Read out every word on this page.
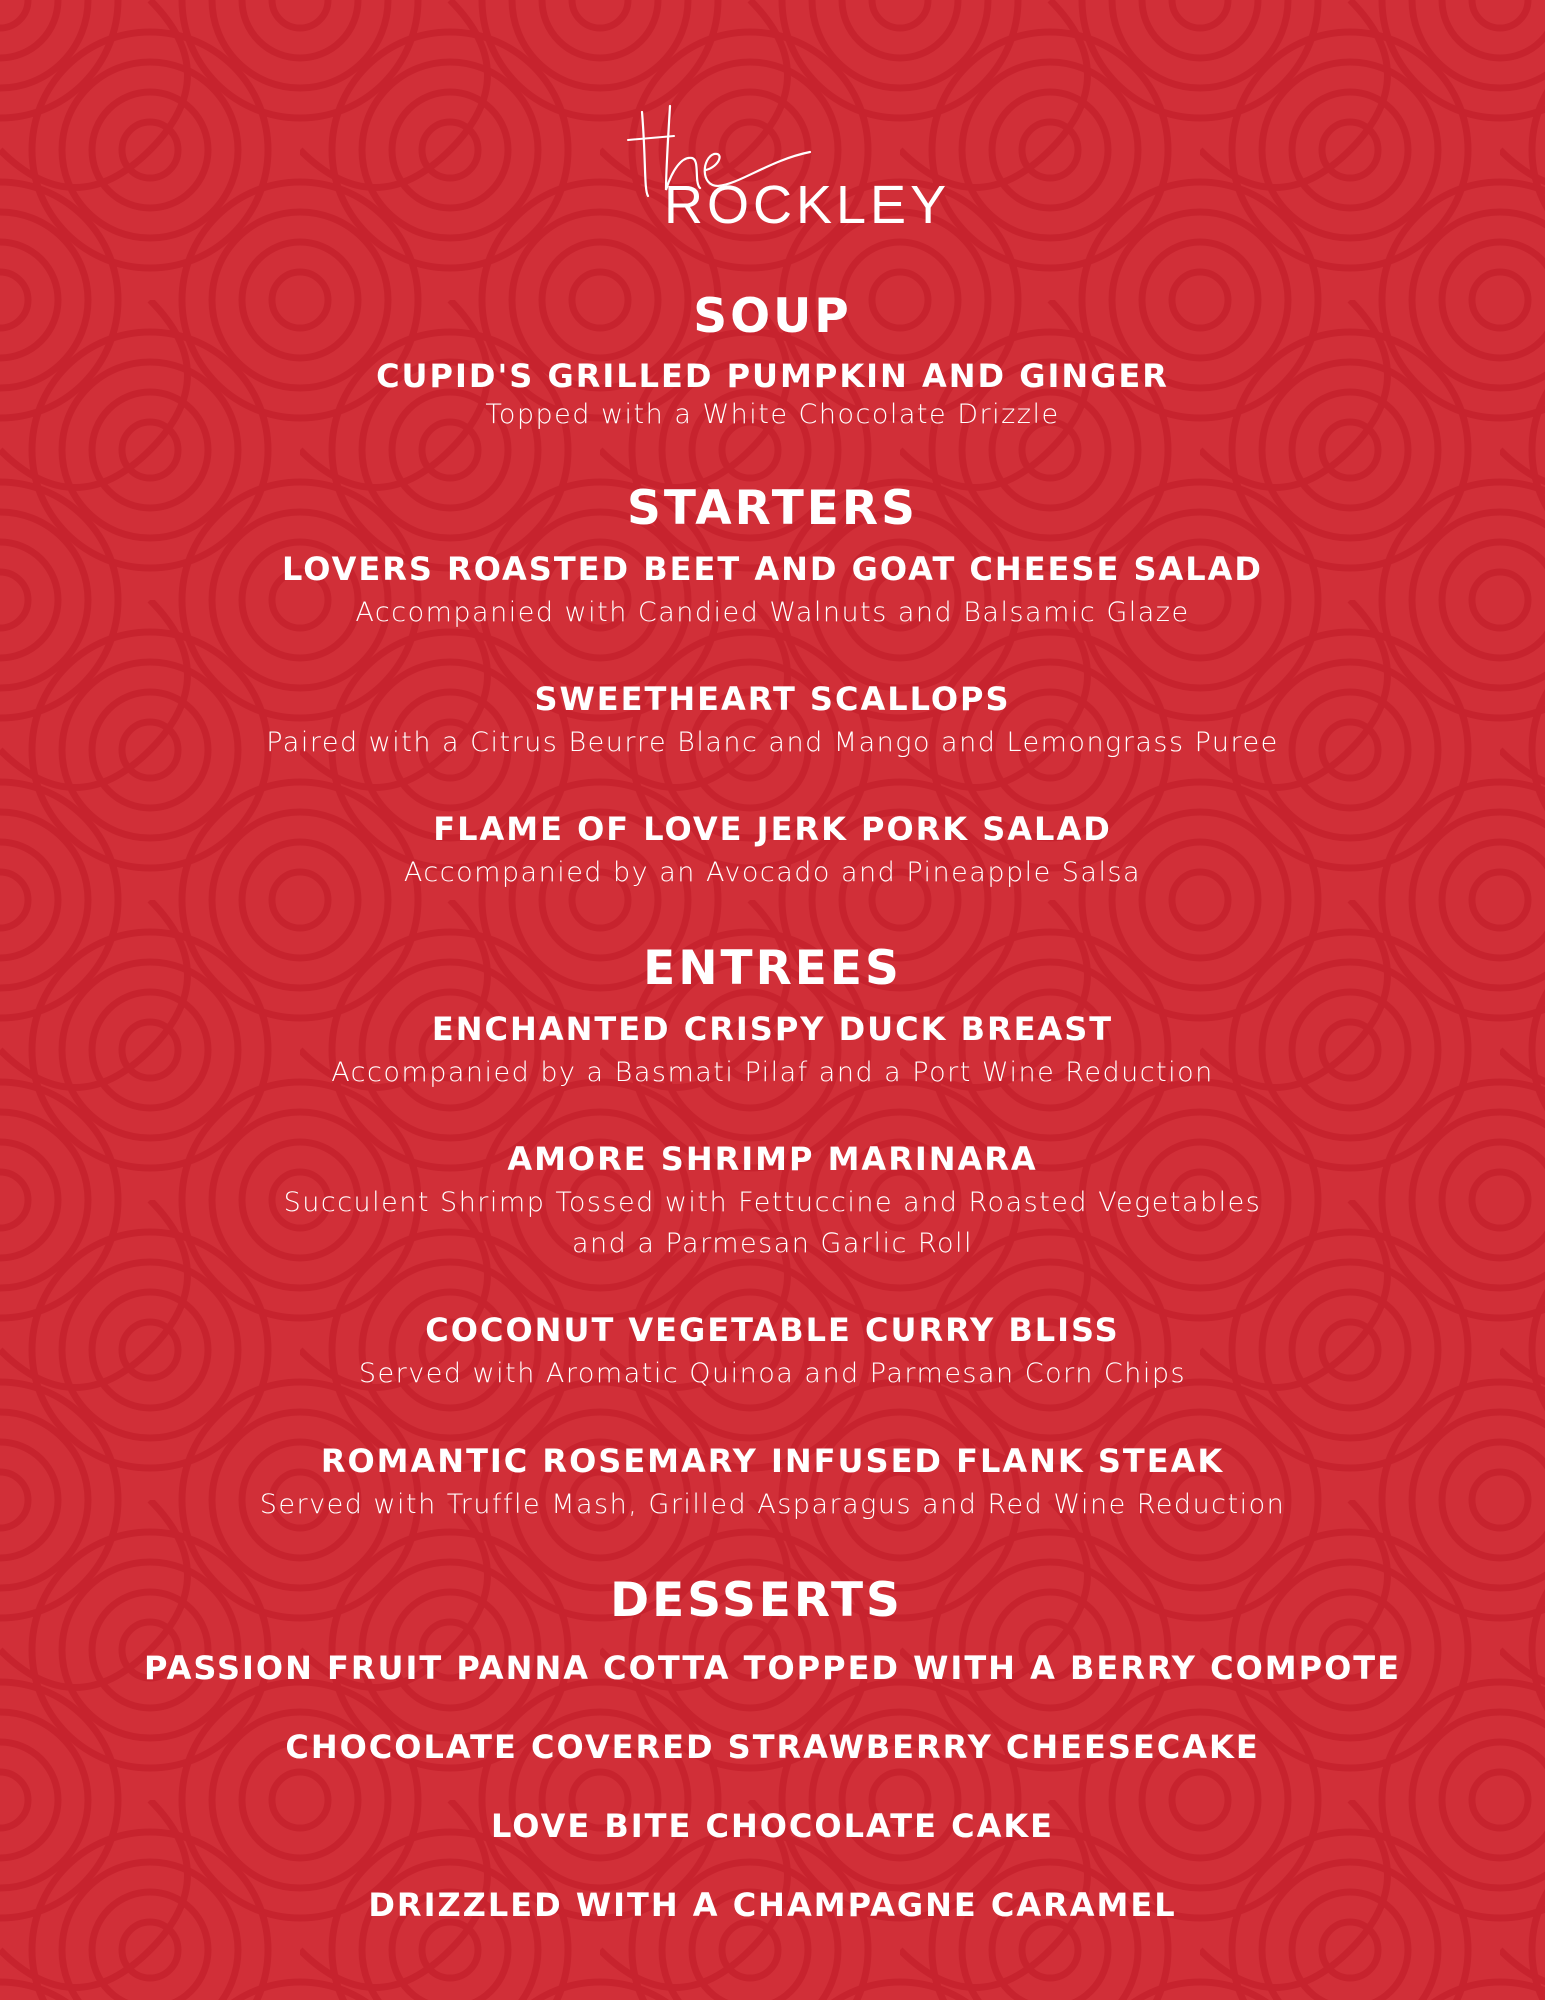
ROCKLEY
SOUP
CUPID'S GRILLED PUMPKIN AND GINGER
Topped with a White Chocolate Drizzle
STARTERS
LOVERS ROASTED BEET AND GOAT CHEESE SALAD
Accompanied with Candied Walnuts and Balsamic Glaze
SWEETHEART SCALLOPS
Paired with a Citrus Beurre Blanc and Mango and Lemongrass Puree
FLAME OF LOVE JERK PORK SALAD
Accompanied by an Avocado and Pineapple Salsa
ENTREES
ENCHANTED CRISPY DUCK BREAST
Accompanied by a Basmati Pilaf and a Port Wine Reduction
AMORE SHRIMP MARINARA
Succulent Shrimp Tossed with Fettuccine and Roasted Vegetables
and a Parmesan Garlic Roll
COCONUT VEGETABLE CURRY BLISS
Served with Aromatic Quinoa and Parmesan Corn Chips
ROMANTIC ROSEMARY INFUSED FLANK STEAK
Served with Truffle Mash, Grilled Asparagus and Red Wine Reduction
DESSERTS
PASSION FRUIT PANNA COTTA TOPPED WITH A BERRY COMPOTE
CHOCOLATE COVERED STRAWBERRY CHEESECAKE
LOVE BITE CHOCOLATE CAKE
DRIZZLED WITH A CHAMPAGNE CARAMEL
